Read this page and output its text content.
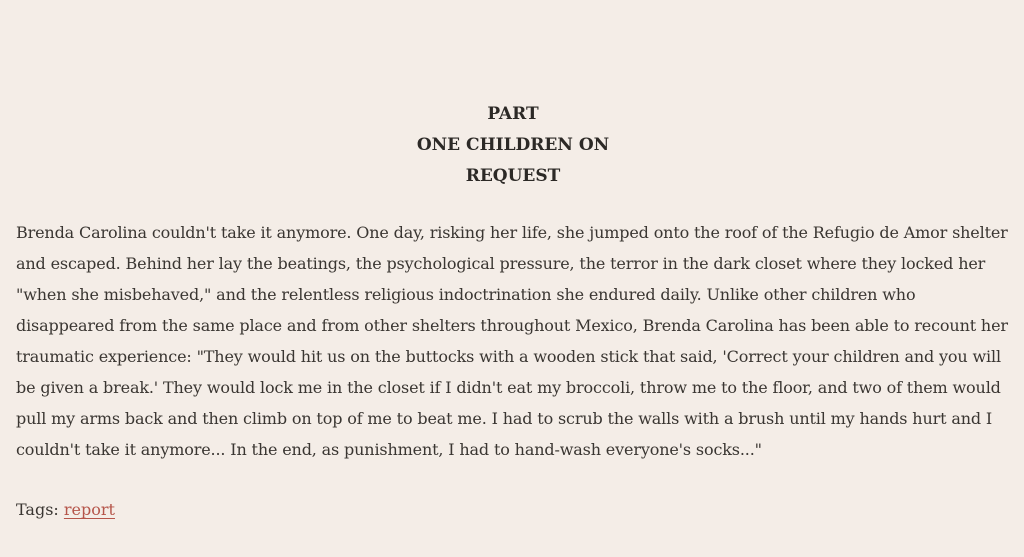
PART
ONE CHILDREN ON
REQUEST

Brenda Carolina couldn't take it anymore. One day, risking her life, she jumped onto the roof of the Refugio de Amor shelter and escaped. Behind her lay the beatings, the psychological pressure, the terror in the dark closet where they locked her "when she misbehaved," and the relentless religious indoctrination she endured daily. Unlike other children who disappeared from the same place and from other shelters throughout Mexico, Brenda Carolina has been able to recount her traumatic experience: "They would hit us on the buttocks with a wooden stick that said, 'Correct your children and you will be given a break.' They would lock me in the closet if I didn't eat my broccoli, throw me to the floor, and two of them would pull my arms back and then climb on top of me to beat me. I had to scrub the walls with a brush until my hands hurt and I couldn't take it anymore... In the end, as punishment, I had to hand-wash everyone's socks..."

Tags: report
